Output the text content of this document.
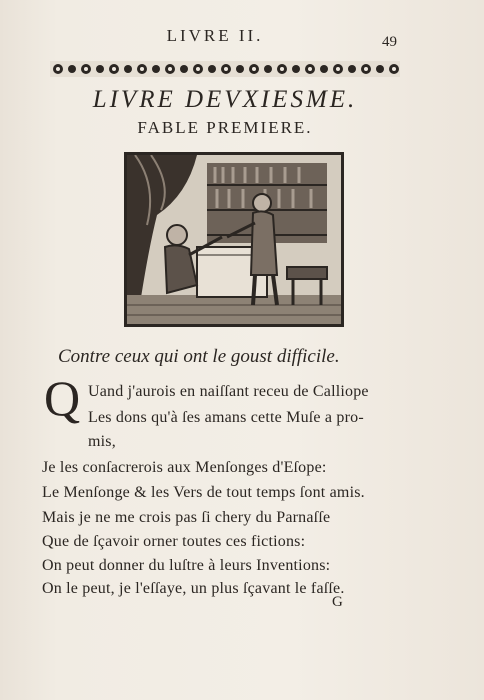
LIVRE II.	49
LIVRE DEVXIESME.
FABLE PREMIERE.
Contre ceux qui ont le goust difficile.
Q Uand j'aurois en naiſſant receu de Calliope
Les dons qu'à ſes amans cette Muſe a pro-
mis,
Je les conſacrerois aux Menſonges d'Eſope:
Le Menſonge & les Vers de tout temps ſont amis.
Mais je ne me crois pas ſi chery du Parnaſſe
Que de ſçavoir orner toutes ces fictions:
On peut donner du luſtre à leurs Inventions:
On le peut, je l'eſſaye, un plus ſçavant le faſſe.
G
